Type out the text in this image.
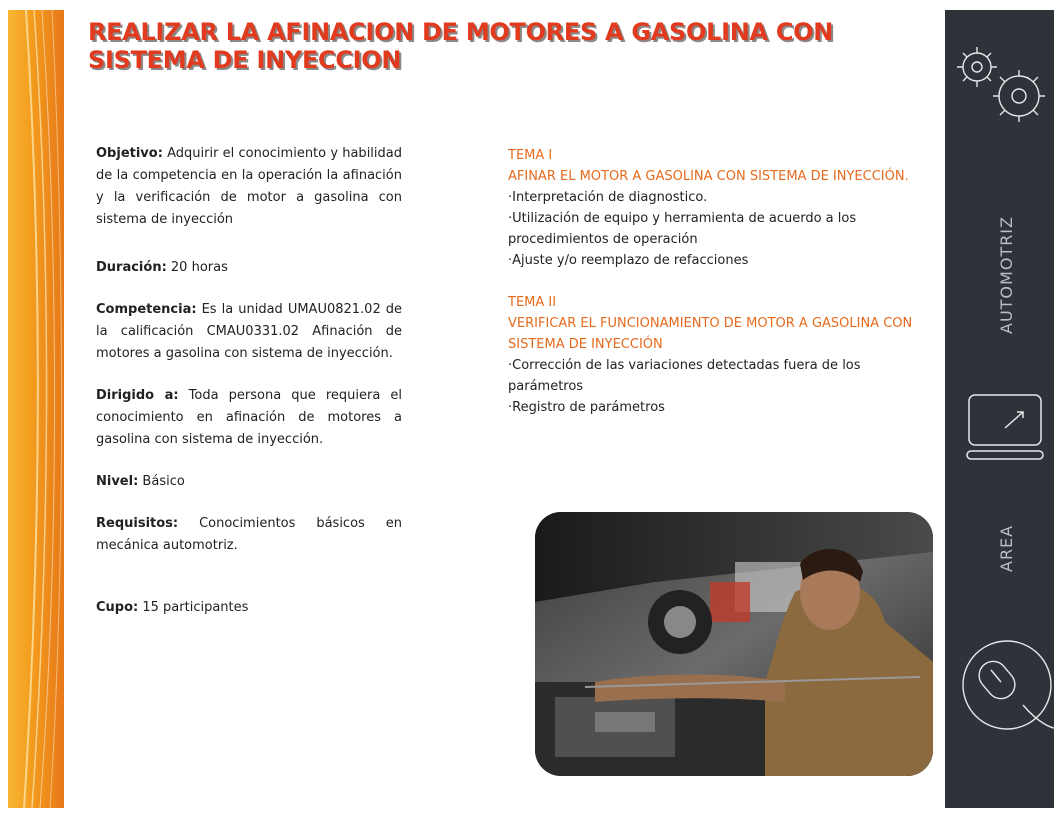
REALIZAR LA AFINACION DE MOTORES A GASOLINA CON SISTEMA DE INYECCION

Objetivo: Adquirir el conocimiento y habilidad de la competencia en la operación la afinación y la verificación de motor a gasolina con sistema de inyección

Duración: 20 horas

Competencia: Es la unidad UMAU0821.02 de la calificación CMAU0331.02 Afinación de motores a gasolina con sistema de inyección.

Dirigido a: Toda persona que requiera el conocimiento en afinación de motores a gasolina con sistema de inyección.

Nivel: Básico

Requisitos: Conocimientos básicos en mecánica automotriz.

Cupo: 15 participantes

TEMA I
AFINAR EL MOTOR A GASOLINA CON SISTEMA DE INYECCIÓN.
·Interpretación de diagnostico.
·Utilización de equipo y herramienta de acuerdo a los procedimientos de operación
·Ajuste y/o reemplazo de refacciones
TEMA II
VERIFICAR EL FUNCIONAMIENTO DE MOTOR A GASOLINA CON SISTEMA DE INYECCIÓN
·Corrección de las variaciones detectadas fuera de los parámetros
·Registro de parámetros
AUTOMOTRIZ
AREA
